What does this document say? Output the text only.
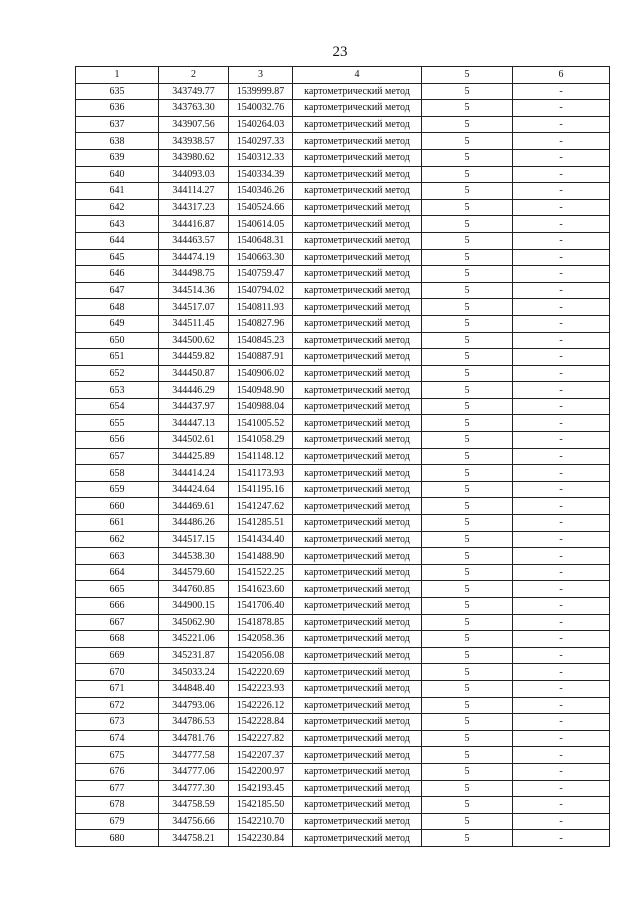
23
1	2	3	4	5	6
635	343749.77	1539999.87	картометрический метод	5	-
636	343763.30	1540032.76	картометрический метод	5	-
637	343907.56	1540264.03	картометрический метод	5	-
638	343938.57	1540297.33	картометрический метод	5	-
639	343980.62	1540312.33	картометрический метод	5	-
640	344093.03	1540334.39	картометрический метод	5	-
641	344114.27	1540346.26	картометрический метод	5	-
642	344317.23	1540524.66	картометрический метод	5	-
643	344416.87	1540614.05	картометрический метод	5	-
644	344463.57	1540648.31	картометрический метод	5	-
645	344474.19	1540663.30	картометрический метод	5	-
646	344498.75	1540759.47	картометрический метод	5	-
647	344514.36	1540794.02	картометрический метод	5	-
648	344517.07	1540811.93	картометрический метод	5	-
649	344511.45	1540827.96	картометрический метод	5	-
650	344500.62	1540845.23	картометрический метод	5	-
651	344459.82	1540887.91	картометрический метод	5	-
652	344450.87	1540906.02	картометрический метод	5	-
653	344446.29	1540948.90	картометрический метод	5	-
654	344437.97	1540988.04	картометрический метод	5	-
655	344447.13	1541005.52	картометрический метод	5	-
656	344502.61	1541058.29	картометрический метод	5	-
657	344425.89	1541148.12	картометрический метод	5	-
658	344414.24	1541173.93	картометрический метод	5	-
659	344424.64	1541195.16	картометрический метод	5	-
660	344469.61	1541247.62	картометрический метод	5	-
661	344486.26	1541285.51	картометрический метод	5	-
662	344517.15	1541434.40	картометрический метод	5	-
663	344538.30	1541488.90	картометрический метод	5	-
664	344579.60	1541522.25	картометрический метод	5	-
665	344760.85	1541623.60	картометрический метод	5	-
666	344900.15	1541706.40	картометрический метод	5	-
667	345062.90	1541878.85	картометрический метод	5	-
668	345221.06	1542058.36	картометрический метод	5	-
669	345231.87	1542056.08	картометрический метод	5	-
670	345033.24	1542220.69	картометрический метод	5	-
671	344848.40	1542223.93	картометрический метод	5	-
672	344793.06	1542226.12	картометрический метод	5	-
673	344786.53	1542228.84	картометрический метод	5	-
674	344781.76	1542227.82	картометрический метод	5	-
675	344777.58	1542207.37	картометрический метод	5	-
676	344777.06	1542200.97	картометрический метод	5	-
677	344777.30	1542193.45	картометрический метод	5	-
678	344758.59	1542185.50	картометрический метод	5	-
679	344756.66	1542210.70	картометрический метод	5	-
680	344758.21	1542230.84	картометрический метод	5	-
